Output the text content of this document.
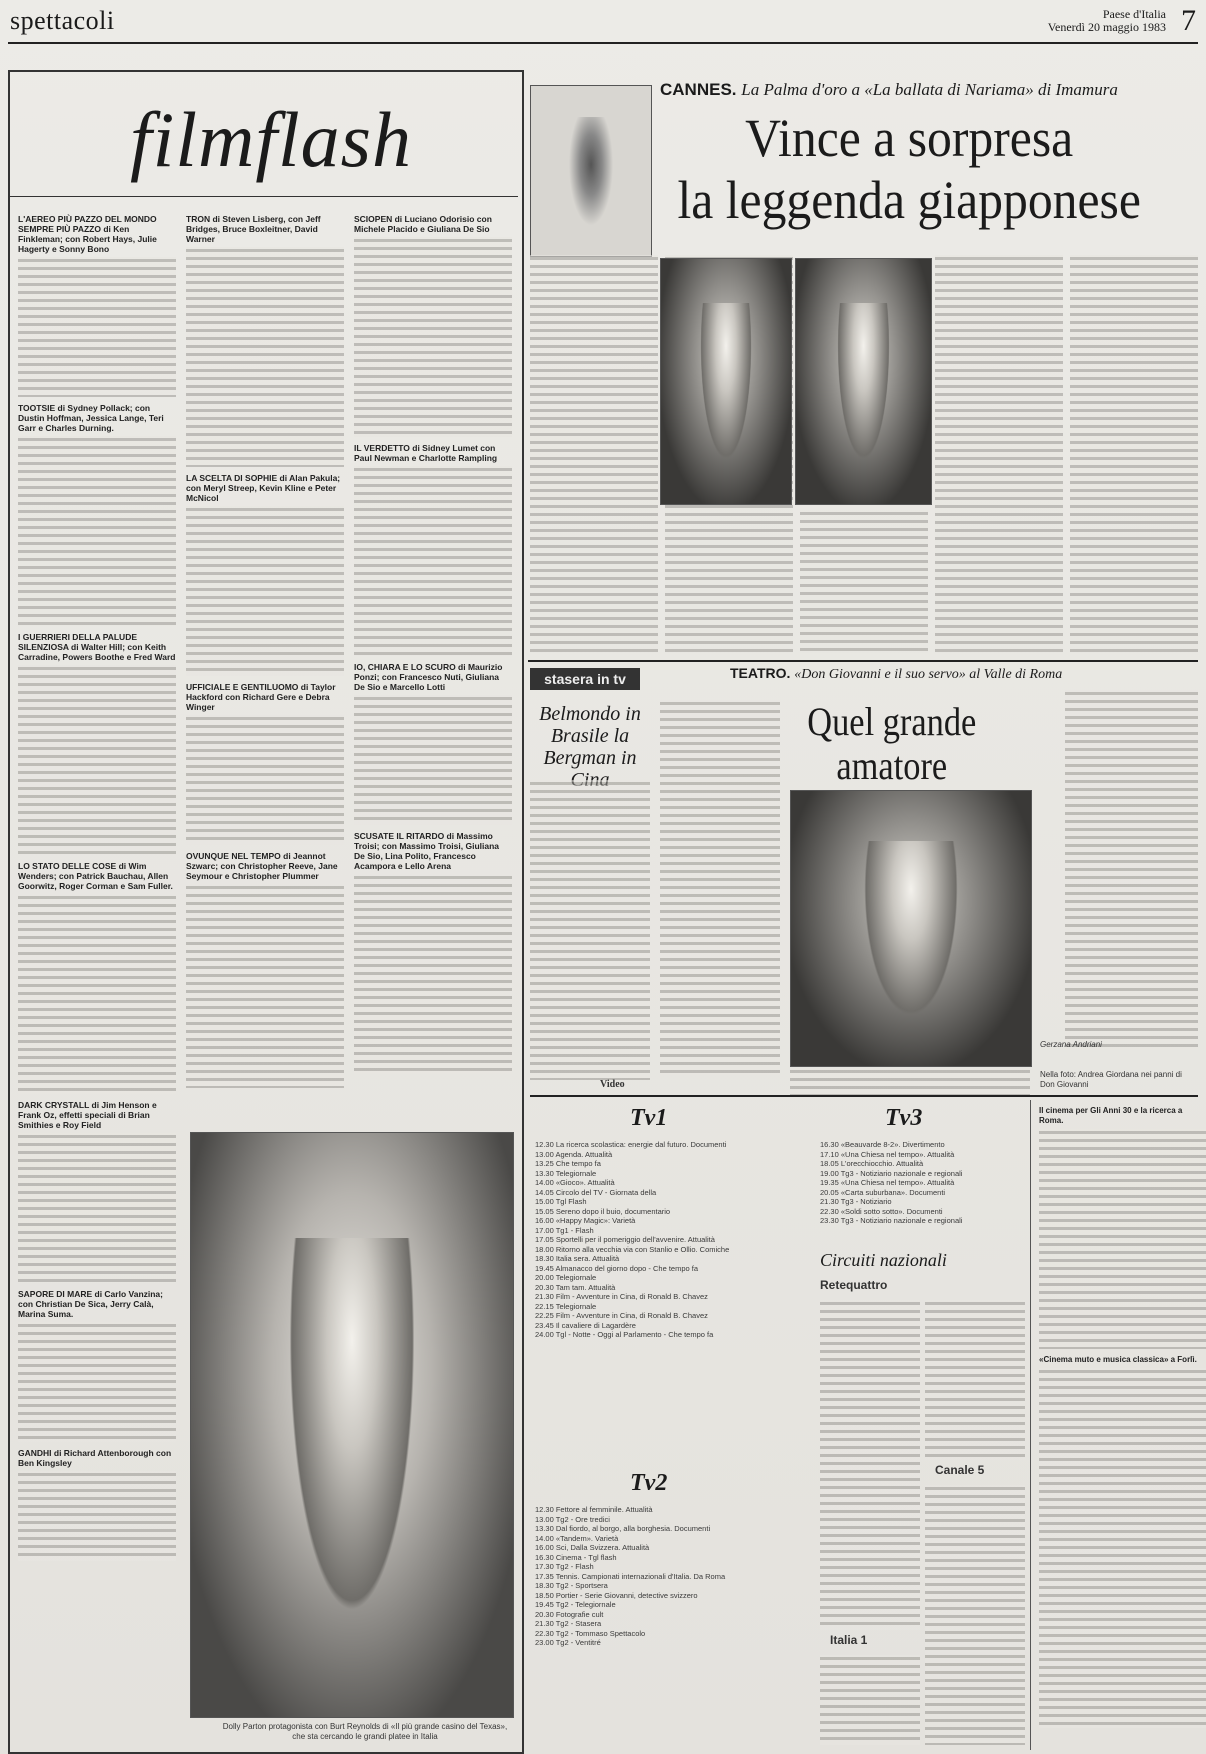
spettacoli	Paese d'Italia
Venerdì 20 maggio 1983 7
filmflash
L'AEREO PIÙ PAZZO DEL MONDO SEMPRE PIÙ PAZZO di Ken Finkleman; con Robert Hays, Julie Hagerty e Sonny Bono
TOOTSIE di Sydney Pollack; con Dustin Hoffman, Jessica Lange, Teri Garr e Charles Durning.
I GUERRIERI DELLA PALUDE SILENZIOSA di Walter Hill; con Keith Carradine, Powers Boothe e Fred Ward
LO STATO DELLE COSE di Wim Wenders; con Patrick Bauchau, Allen Goorwitz, Roger Corman e Sam Fuller.
DARK CRYSTALL di Jim Henson e Frank Oz, effetti speciali di Brian Smithies e Roy Field
SAPORE DI MARE di Carlo Vanzina; con Christian De Sica, Jerry Calà, Marina Suma.
GANDHI di Richard Attenborough con Ben Kingsley
TRON di Steven Lisberg, con Jeff Bridges, Bruce Boxleitner, David Warner
LA SCELTA DI SOPHIE di Alan Pakula; con Meryl Streep, Kevin Kline e Peter McNicol
UFFICIALE E GENTILUOMO di Taylor Hackford con Richard Gere e Debra Winger
OVUNQUE NEL TEMPO di Jeannot Szwarc; con Christopher Reeve, Jane Seymour e Christopher Plummer
SCIOPEN di Luciano Odorisio con Michele Placido e Giuliana De Sio
IL VERDETTO di Sidney Lumet con Paul Newman e Charlotte Rampling
IO, CHIARA E LO SCURO di Maurizio Ponzi; con Francesco Nuti, Giuliana De Sio e Marcello Lotti
SCUSATE IL RITARDO di Massimo Troisi; con Massimo Troisi, Giuliana De Sio, Lina Polito, Francesco Acampora e Lello Arena
Dolly Parton protagonista con Burt Reynolds di «Il più grande casino del Texas», che sta cercando le grandi platee in Italia
CANNES. La Palma d'oro a «La ballata di Nariama» di Imamura
Vince a sorpresa
la leggenda giapponese
stasera in tv
Belmondo in Brasile la Bergman in
Video
TEATRO. «Don Giovanni e il suo servo» al Valle di Roma
Quel grande amatore
Gerzana Andriani
Nella foto: Andrea Giordana nei panni di Don Giovanni
Tv1	Tv3
Tv2
Circuiti nazionali
Retequattro
Canale 5
Italia 1
12.30 La ricerca scolastica: energie dal futuro. Documenti
13.00 Agenda. Attualità
13.25 Che tempo fa
13.30 Telegiornale
14.00 «Gioco». Attualità
14.05 Circolo del TV - Giornata della
15.00 Tgl Flash
15.05 Sereno dopo il buio, documentario
16.00 «Happy Magic»: Varietà
17.00 Tg1 - Flash
17.05 Sportelli per il pomeriggio dell'avvenire. Attualità
18.00 Ritorno alla vecchia via con Stanlio e Ollio. Comiche
18.30 Italia sera. Attualità
19.45 Almanacco del giorno dopo - Che tempo fa
20.00 Telegiornale
20.30 Tam tam. Attualità
21.30 Film - Avventure in Cina, di Ronald B. Chavez
22.15 Telegiornale
22.25 Film - Avventure in Cina, di Ronald B. Chavez
23.45 Il cavaliere di Lagardère
24.00 Tgl - Notte - Oggi al Parlamento - Che tempo fa
12.30 Fettore al femminile. Attualità
13.00 Tg2 - Ore tredici
13.30 Dal fiordo, al borgo, alla borghesia. Documenti
14.00 «Tandem». Varietà
16.00 Sci, Dalla Svizzera. Attualità
16.30 Cinema - Tgl flash
17.30 Tg2 - Flash
17.35 Tennis. Campionati internazionali d'Italia. Da Roma
18.30 Tg2 - Sportsera
18.50 Portier - Serie Giovanni, detective svizzero
19.45 Tg2 - Telegiornale
20.30 Fotografie cult
21.30 Tg2 - Stasera
22.30 Tg2 - Tommaso Spettacolo
23.00 Tg2 - Ventitré
16.30 «Beauvarde 8-2». Divertimento
17.10 «Una Chiesa nel tempo». Attualità
18.05 L'orecchiocchio. Attualità
19.00 Tg3 - Notiziario nazionale e regionali
19.35 «Una Chiesa nel tempo». Attualità
20.05 «Carta suburbana». Documenti
21.30 Tg3 - Notiziario
22.30 «Soldi sotto sotto». Documenti
23.30 Tg3 - Notiziario nazionale e regionali
Il cinema per Gli Anni 30 e la ricerca a Roma.
«Cinema muto e musica classica» a Forlì.
